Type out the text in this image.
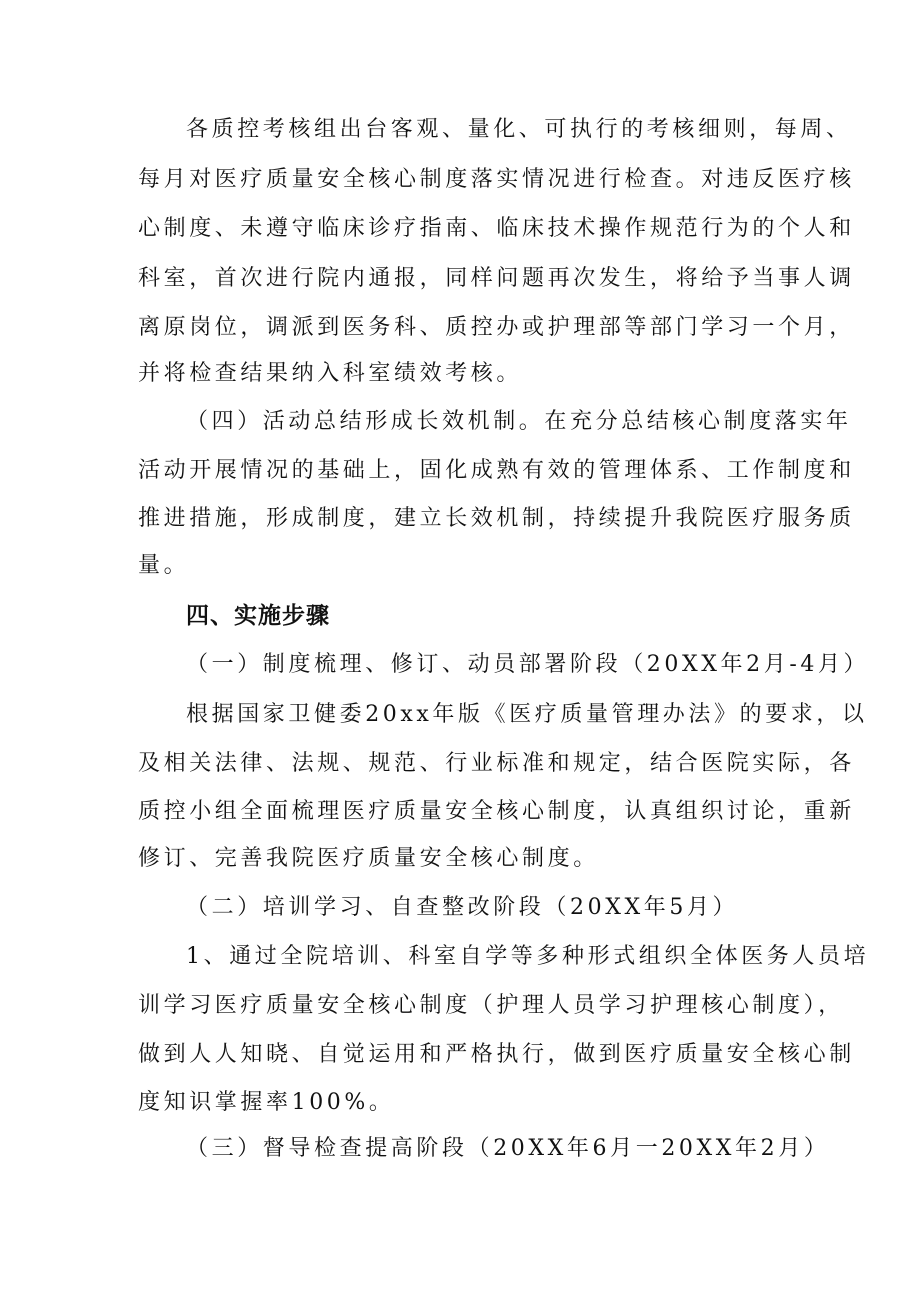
各质控考核组出台客观、量化、可执行的考核细则，每周、
每月对医疗质量安全核心制度落实情况进行检查。对违反医疗核
心制度、未遵守临床诊疗指南、临床技术操作规范行为的个人和
科室，首次进行院内通报，同样问题再次发生，将给予当事人调
离原岗位，调派到医务科、质控办或护理部等部门学习一个月，
并将检查结果纳入科室绩效考核。
（四）活动总结形成长效机制。在充分总结核心制度落实年
活动开展情况的基础上，固化成熟有效的管理体系、工作制度和
推进措施，形成制度，建立长效机制，持续提升我院医疗服务质
量。
四、实施步骤
（一）制度梳理、修订、动员部署阶段（20XX年2月-4月）
根据国家卫健委20xx年版《医疗质量管理办法》的要求，以
及相关法律、法规、规范、行业标准和规定，结合医院实际，各
质控小组全面梳理医疗质量安全核心制度，认真组织讨论，重新
修订、完善我院医疗质量安全核心制度。
（二）培训学习、自查整改阶段（20XX年5月）
1、通过全院培训、科室自学等多种形式组织全体医务人员培
训学习医疗质量安全核心制度（护理人员学习护理核心制度），
做到人人知晓、自觉运用和严格执行，做到医疗质量安全核心制
度知识掌握率100%。
（三）督导检查提高阶段（20XX年6月一20XX年2月）
